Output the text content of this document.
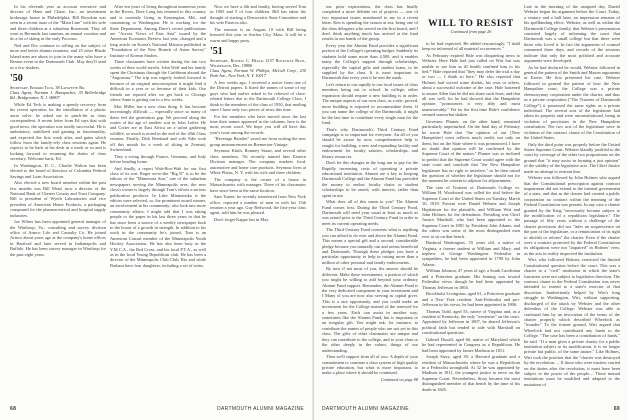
In his eleventh year as account executive and director of Hans and Chase, Inc., an investment brokerage house in Philadelphia, Bill Bowdoin was seen in a recent issue of the "Main Line" with his wife and three children at a suburban Rosemont. They all went to Bermuda last summer, an annual vacation and do a lot of skiing in the early Poconos.

Ned and Dot continue to rolling on the subject of more and better alumni reunions, and 25 other Rhode Island men are about to join in the many who have a Boston event in the Dartmouth Club. May they'll send us a few shakers.

'50
Secretary, Edward Tuck, 38 Lafayette Rd.
Class Agent, Norman J. Hanspacher, 35 Bellerbridge Rd., Bridgewater, N. J. 08807

While Ed Teck is making a speedy recovery from his recent operation for the installation of a plastic aorta valve, he asked me to pinch-hit as class correspondent. A recent letter from Ed says that with good news, the operation was totally successful. He is ambulatory, stabilized and gaining in functionality, and expected the first week after, and gains which follow from the family-rely class sessions again. He expects to be back at his desk in a week or so and is looking forward to resuming the duties of class secretary. Welcome back, Ed.

In Washington, D. C., Charlie Walton has been elected to the board of directors of Columbia Federal Savings and Loan Association.

Also elected a new board member within the past few months was Bill Wead, now a director of the National Bank of Chester County and Trust Company. Bill is president of Wyeth Laboratories and vice president of American Home Products, a packaging compound for the pharmaceutical and hospital supply industries.

Joe Wilner has been appointed general manager of the Winthrop, Va., consulting and survey division office of Armco Life and Casualty Co. He joined Armco about years ago at the company's home offices in Hartford and later served in Indianapolis and Buffalo. He has been survey manager in Winthrop for the past eight years.

After ten years of living throughout numerous years in the Rivers, Dave Long has returned to this country and is currently living in Kensington, Md., and commuting to Washington. He is working for the State Department, Among Dave's recent publications are "Across Views of East Asia" issued by the American Economic Review last year, changed and a long article on Korea's National Mission published in "Foundation of the New Branch of Asian Survey" Institute of Korean Studies.

Three classmates have written during the last two weeks of their world travels. John Wolf and his family spent the Christmas through the Caribbean aboard the "Angostura." The trip was eagerly looked forward to because of an original misconception it might find it difficult in a year or so because of their kids. Our friends are reputed after we get back to Chicago where Anne is getting out in a few weeks.

Mac Miller has a new class thing. It has become increasingly difficult — especially since so many of them feel the generation gap. We proceed along the routes of the age of another sort in John Lefter. He and Cotter are in East Africa on a safari gathering wildlife, so much is noted in the end of the 20th Class reunion. Finally, Dick Bernhard and wife Edie took off this month for a week of skiing in Zermatt, Switzerland.

They a swing through France, Germany, and Italy before heading home.

And finally, a report Wah-Hoo-Wah for our first class of its sort. Roger on-to-the "Big D" is to be the editors of the "Minnesota Star," one of the suburban newspapers serving the Minneapolis area, the new class's owner is largely through Tom's efforts a serious publication producer. In Lake Minnetonka is the editors were selected, so, the prominent award winner, an involvement in his community; also look into more community affairs. I might add that I was taking people to the paper in his last three years in that he has since been a source of a weekly newspaper back to the house of a growth in strength. In addition to his work in the community he's joined, Tom is an American Consul member of the Minneapolis Youth Hockey Association. He has also been busy in the Y.M.C.A., the Red Cross, and his local P.T.A., as well as in the local Young Republican club. He has been a director of the Minneapolis Club Club, Rio and while Barbara have four daughters, including a set of twins.

Now we have a 4th and family, having served Tom in 1965 and 5 of four children. Bill has taken the thought of starting a Democratic State Committee and his wife Patricia also.

The reunion is on August 10 with Bill being honored this year in Anchor City, Mass. It will be a warm and happy party.

'51
Secretary, Russell C. Heald, 2157 Rockville Blvd., Wilmington, Del. 19806
Class Agent, Norman W. Phillips, McCall Corp., 230 Park Ave., New York, N. Y. 10017

A few weeks ago, I received a notice from one of the Detroit papers. It listed the names of some of my guys who had earlier asked to be relieved of class-related letters due to the Dartmouth College Class, I think to the members of the class of 1950, that mailing since I have only two pieces of news this time.

For the members who have moved since the last time their names appeared in the columns, here is the most recent word. We hope you will all have this year's issue among the records.

"Beverage Retailer" saved me from writing the new group announcement on Bremerton-Vintage.

Seymour Kluth, Romney Stuart, and several other class members, 7th recently named him Eastern Division manager. The company markets food, automotive and home care products. Seymour lives at White Plains, N. Y. with his wife and three children.

The company is the owner of a house in Massachusetts with manager. Three of his classmates have since been at the same location.

Sam Turner, he recently transferred from New York office, reported a number of men in with his 15th reunion a year ago. Guy Redwood, the first-year class agent, told him he was pleased.

Don't forget Kappa last in May.

68	DARTMOUTH ALUMNI MAGAZINE

our prior expectations, the class has finally completed a more definite set of projects — one of two important issues mentioned to me in a recent letter. Ken is spending the season at sea, being one of the class delegates who served on the first board, and I don't think anything much has arrived at the final results in our hands of the group.

Every year the Alumni Fund provides a significant portion of the College's operating budget. Suddenly its students hold some more than 4,500, and it enables many the College's support through scholarships, especially the capital gifts and student loans, to be supplied by the class. It is most important to Dartmouth that every year it be met the mark.

Let's return to our rapidly to our local issues of class members being out to school. In college, either expansion should require a new building is in order. The unique aspects of our own class, as a rule, proved, more building is required to accommodate them. If you can name the college of the Dartmouth, it might be the last time to contribute every single man for the fund.

That's why Dartmouth's Third Century Fund campaign is so important for everyone. An all of you should be aware by now, comprehensive help is sought for building, a new and expanding facility and endowment for faculty salaries, scholarships, and library resources.

Don't let this changes in the long run to pay for the Rapidly increasing costs of operating a private educational institution. Alumni are a key to keeping Dartmouth College and the Alumni Fund has provided the money to endow faculty chairs or student scholarships to be raised, with interest, rather than spent in use.

What does all of this mean to you? The Alumni Fund comes first. During the Third Century Fund, Dartmouth will need your usual at least as much as was raised prior to the Third Century Fund in order to meet its current operating needs.

The Third Century Fund concerns what is anything you can afford to do over and above the Alumni Fund. This means a special gift and a second, considerable pledge because you naturally can and seems beneficial and Dartmouth. Through these pledges you have a particular opportunity to help in raising more than a million of other personal and family endowments.

By now if not most of you, the answer should be different. Make these investments, a portion of which you might be willing to add beyond your ordinary Alumni Fund support. Remember, the Alumni Fund is the very dedicated component in your investment and I Many of you are now also serving as capital giver. This is a rare opportunity, and you could make an investment for the College instead of the renewed for a few years. Each can assist in another way, sometimes like the Alumni Fund, but is important or an irregular gift. You might ask, for instance, to contribute the names of people who are not yet in this class. The gifts of other classmates are unique and they can contribute to the college, and to your class or the other deeply in the values, things of our understanding.

Then we'll support from all of you. A depth of your commitment to continue a class system of high quality private education, but what is more important, to make a place where it should be continued.

Continued on page 98
WILL TO RESIST
Continued from page 26

to be bad expected. He added resourcingly, "I shall keep no informed of all material occurrences."

As February expired Hale was disquieting news to Webster. Here Hale had just called on Wirt but was unable to see him as ill health confined him to his bed.* Hale reported that "they may defer the trial a day or two — I think so here." He also reported that Holmes had voiced some doubts, his own or others, about a successful outcome of the case. Hale hastened to assure Allen that he did not share such fears, and that all was well, for he had showed that the Hampshire opinion "pronounces it very ably and most unanswerably." Yet for the first time Hale's confidence seemed somewhat shaken.

Governor Plumer, on the other hand, remained particularly unperturbed. On the final day of February he wrote Hale that "the opinion of our [New Hampshire] court reflects much credit, not only on them, but on the State where it was pronounced. I have no doubt that opinion will be confirmed by the Supreme Court of the nation." Plumer was so inclined to predict that the Supreme Court would agree with the state court and conclude that "the New Hampshire legislature has no right to interfere," so he then raised the question of whether the legislature should not for the moment be content to adjourn for adjournment.

The case of Trustees of Dartmouth College vs. William H. Woodward was called for trial before the Supreme Court of the United States on Tuesday, March 10, 1818. Present were Daniel Webster and Joseph Hopkinson for the plaintiffs, and William Wirt and John Holmes for the defendants. Presiding was Chief Justice Marshall, who had been appointed to the Supreme Court in 1801 by President John Adams, and the others was some of the most distinguished men ever to sit on that bench.

Bushrod Washington, 55 years old, a native of Virginia, a former student at William and Mary, and nephew of George Washington. Federalist in sympathies, he had been appointed in 1798 by John Adams.

William Johnson, 47 years of age, a South Carolinian and a Princeton graduate. His leaning was toward Federalist views though he had been appointed by Thomas Jefferson in 1804.

Brockholst Livingston, aged 61, a Princeton graduate and a New York resident. Anti-Federalist and pro-Jefferson in his views, he had been appointed in 1806.

Thomas Todd, aged 53, native of Virginia and, as a resident of Kentucky, the only "westerner" on the court. Appointed by Jefferson in 1807, he shared Jefferson's political faith but tended to side with Marshall on constitutional questions.

Gabriel Duvall, aged 66, native of Maryland which he had represented in Congress as a Republican. He had been appointed by James Madison in 1811.

Joseph Story, aged 39, a Harvard graduate and a resident of Massachusetts where he was a Republican in a Federalist stronghold. At 32 he was appointed by Madison in 1811, the youngest justice to serve on the Supreme Court. Nevertheless, Story became the most distinguished member of that bench by the time of his death in 1845.

Late in the morning of the assigned day, Daniel Webster began his argument before the Court. Today, a century and a half later, an impression remains of his spellbinding effect. Webster, as well as within the Dartmouth College family, that Webster's presentation consisted largely of informing the court that Dartmouth was a small college but that there were those who loved it. In fact the arguments of counsel consumed three days, and records of the sessions indicate that only the most polished and accurate arguments were developed.

As he had declared he would, Webster followed in general the pattern of the Smith and Mason arguments at Exeter. He first presented his case, Webster followed in general the pattern of how the New Hampshire court, the College was a private eleemosynary corporation under the charter, and thus as a private corporation ("The Trustees of Dartmouth College") it possessed the same rights as a private individual. The several acts of the legislature had taken its property and were unconstitutional, being in violation of provisions in the New Hampshire constitution. The two acts of the legislature were in violation of the contract clause of the Constitution of the United States.

Only the third point was properly before the United States Supreme Court. Webster blandly justified to the court by coverage of the other two propositions on the ground that "it may assist in forming a just opinion" of the validity of the legislative acts. The Chief Justice made no attempt to restrain him.

Webster was followed by John Holmes who argued that the Constitutional prescription against contract impairment did not extend to the internal government of a state, and that as the charter had created a public corporation no contract within the meaning of the Federal Constitution was present. In any case a charter granted by the King "necessarily became subject to the modification of a republican legislature." The passage of fifty years without a challenge of the charter provisions did not "infer an acquiescence on the part of the legislature, or a renunciation of its right to abolish or reform" the charter. Even if the charter were a contract protected by the Federal Constitution its obligations were not "impaired" in Holmes' view, as the acts in reality improved the institution.

Wirt, who followed Holmes, restricted the limited Constitutional question before the court. This was a charter to a "civil" institution in which the state's functions were not subject to legislative direction. The contract clause in the Federal Constitution was never intended to extend to a state's exercise of that discretion. Inadvertently helped by Wirt's long struggle in Washington, Wirt, without supporting, discharged of the attack by Webster and the other defenders of the College. Webster was able to confound him by an invocation of the terms of the charter properly which described Wheelock as "founder." To the former ground, Wirt argued that Wheelock had not contributed any funds to the College. "The case has been a contribution of funds," he said. "If a man gives a private charity for a public institution subject to its modification, it is no longer private but public, of the same nature." Like Holmes, Wirt took the position that the "charter was destroyed by the revolution. ... If those who were trustees carried on the duties after the revolution, it must have been subject to the power of the people.... These mutual institutions must be modified and adapted to the mutations of

DARTMOUTH ALUMNI MAGAZINE	69
